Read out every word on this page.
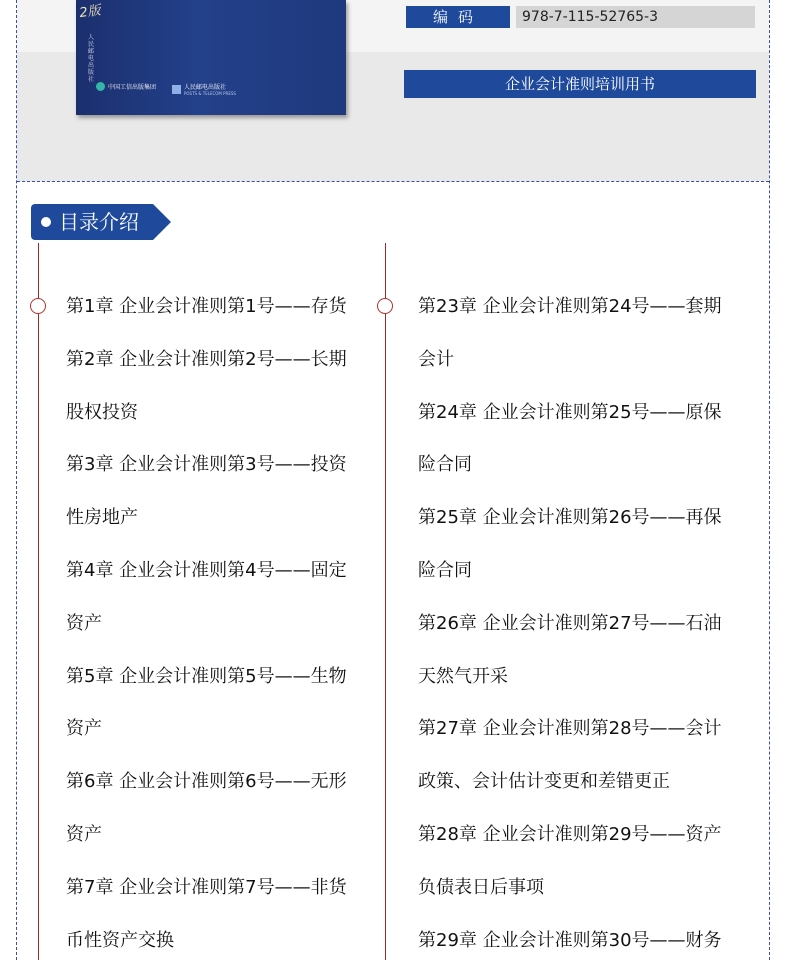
2版
人民邮电出版社
中国工信出版集团	人民邮电出版社
POSTS & TELECOM PRESS
编码	978-7-115-52765-3
企业会计准则培训用书
目录介绍
第1章 企业会计准则第1号——存货
第2章 企业会计准则第2号——长期
股权投资
第3章 企业会计准则第3号——投资
性房地产
第4章 企业会计准则第4号——固定
资产
第5章 企业会计准则第5号——生物
资产
第6章 企业会计准则第6号——无形
资产
第7章 企业会计准则第7号——非货
币性资产交换
第23章 企业会计准则第24号——套期
会计
第24章 企业会计准则第25号——原保
险合同
第25章 企业会计准则第26号——再保
险合同
第26章 企业会计准则第27号——石油
天然气开采
第27章 企业会计准则第28号——会计
政策、会计估计变更和差错更正
第28章 企业会计准则第29号——资产
负债表日后事项
第29章 企业会计准则第30号——财务
